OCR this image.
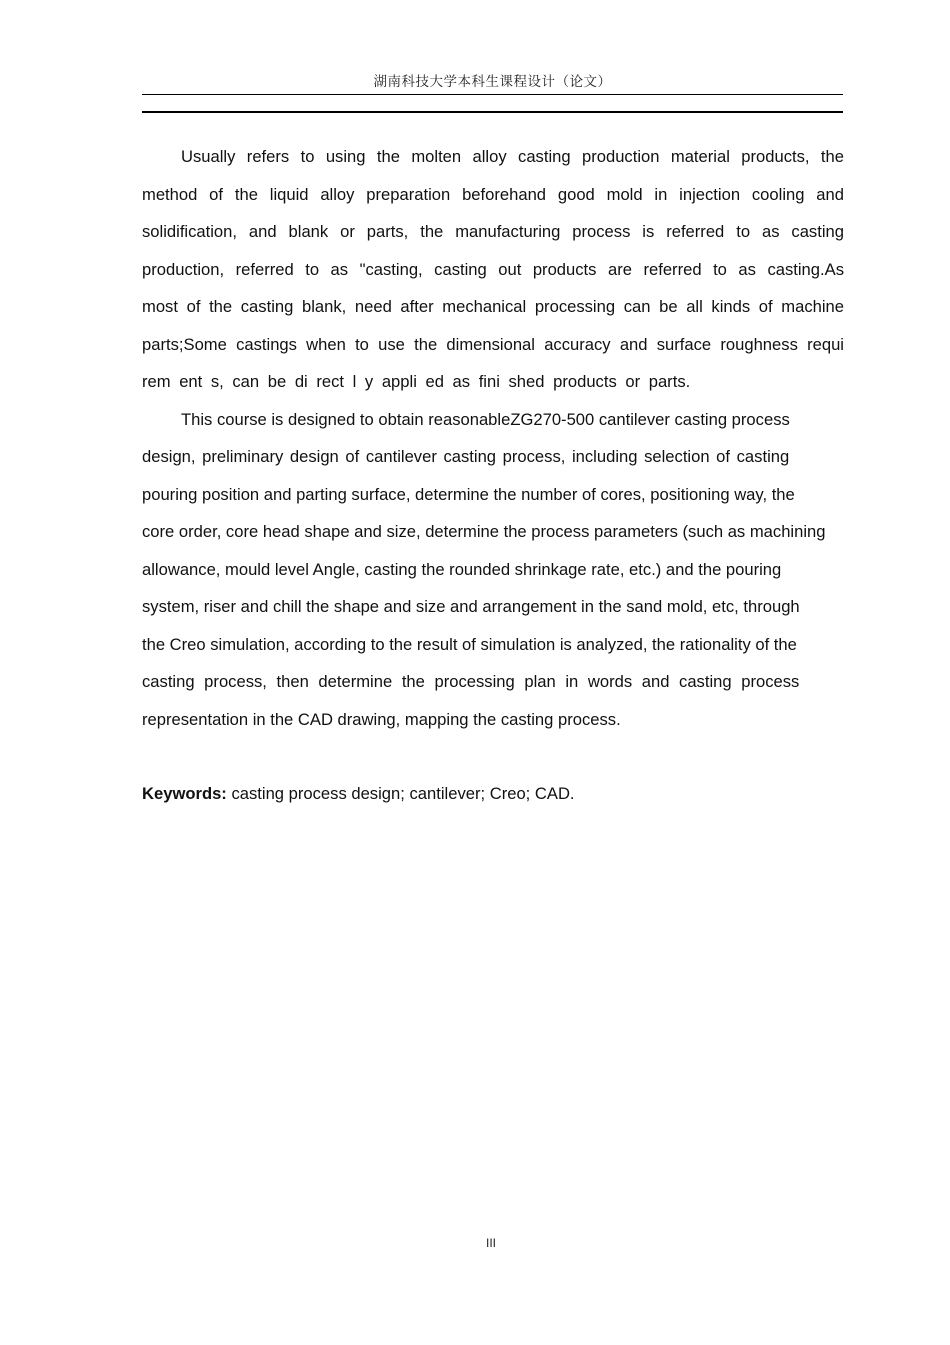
湖南科技大学本科生课程设计（论文）

Usually refers to using the molten alloy casting production material products, the method of the liquid alloy preparation beforehand good mold in injection cooling and solidification, and blank or parts, the manufacturing process is referred to as casting production, referred to as "casting, casting out products are referred to as casting.As most of the casting blank, need after mechanical processing can be all kinds of machine parts;Some castings when to use the dimensional accuracy and surface roughness requi rem ent s, can be di rect l y appli ed as fini shed products or parts.

This course is designed to obtain reasonableZG270-500 cantilever casting process
design, preliminary design of cantilever casting process, including selection of casting
pouring position and parting surface, determine the number of cores, positioning way, the
core order, core head shape and size, determine the process parameters (such as machining
allowance, mould level Angle, casting the rounded shrinkage rate, etc.) and the pouring
system, riser and chill the shape and size and arrangement in the sand mold, etc, through
the Creo simulation, according to the result of simulation is analyzed, the rationality of the
casting process, then determine the processing plan in words and casting process
representation in the CAD drawing, mapping the casting process.
Keywords: casting process design; cantilever; Creo; CAD.
III
